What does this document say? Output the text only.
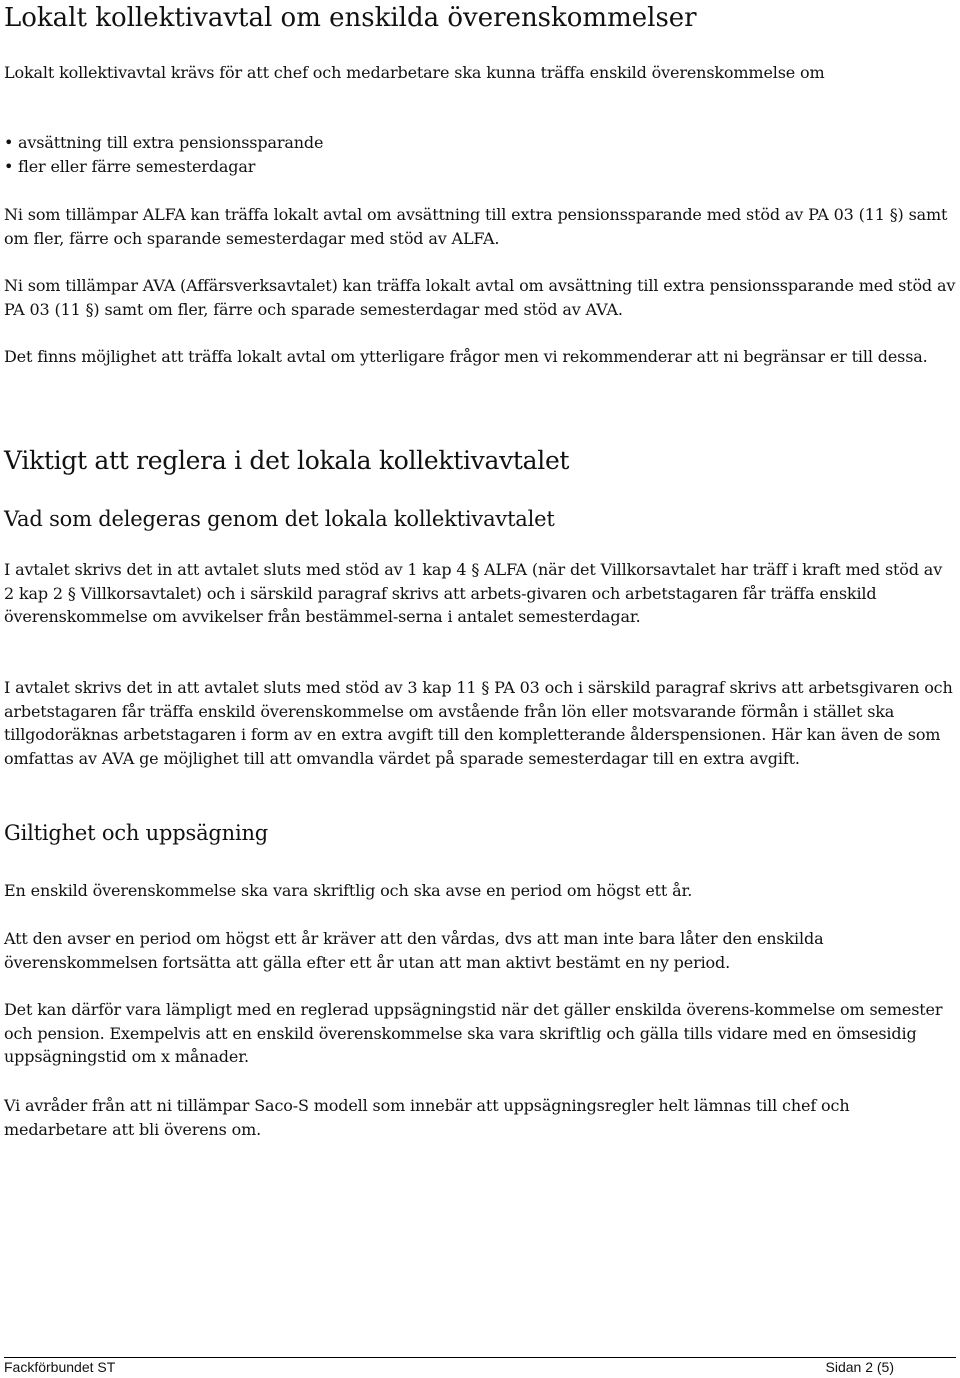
Lokalt kollektivavtal om enskilda överenskommelser

Lokalt kollektivavtal krävs för att chef och medarbetare ska kunna träffa enskild överenskommelse om

• avsättning till extra pensionssparande
• fler eller färre semesterdagar

Ni som tillämpar ALFA kan träffa lokalt avtal om avsättning till extra pensionssparande med stöd av PA 03 (11 §) samt om fler, färre och sparande semesterdagar med stöd av ALFA.

Ni som tillämpar AVA (Affärsverksavtalet) kan träffa lokalt avtal om avsättning till extra pensionssparande med stöd av PA 03 (11 §) samt om fler, färre och sparade semesterdagar med stöd av AVA.

Det finns möjlighet att träffa lokalt avtal om ytterligare frågor men vi rekommenderar att ni begränsar er till dessa.

Viktigt att reglera i det lokala kollektivavtalet
Vad som delegeras genom det lokala kollektivavtalet

I avtalet skrivs det in att avtalet sluts med stöd av 1 kap 4 § ALFA (när det Villkorsavtalet har träff i kraft med stöd av 2 kap 2 § Villkorsavtalet) och i särskild paragraf skrivs att arbets-givaren och arbetstagaren får träffa enskild överenskommelse om avvikelser från bestämmel-serna i antalet semesterdagar.

I avtalet skrivs det in att avtalet sluts med stöd av 3 kap 11 § PA 03 och i särskild paragraf skrivs att arbetsgivaren och arbetstagaren får träffa enskild överenskommelse om avstående från lön eller motsvarande förmån i stället ska tillgodoräknas arbetstagaren i form av en extra avgift till den kompletterande ålderspensionen. Här kan även de som omfattas av AVA ge möjlighet till att omvandla värdet på sparade semesterdagar till en extra avgift.

Giltighet och uppsägning

En enskild överenskommelse ska vara skriftlig och ska avse en period om högst ett år.

Att den avser en period om högst ett år kräver att den vårdas, dvs att man inte bara låter den enskilda överenskommelsen fortsätta att gälla efter ett år utan att man aktivt bestämt en ny period.

Det kan därför vara lämpligt med en reglerad uppsägningstid när det gäller enskilda överens-kommelse om semester och pension. Exempelvis att en enskild överenskommelse ska vara skriftlig och gälla tills vidare med en ömsesidig uppsägningstid om x månader.

Vi avråder från att ni tillämpar Saco-S modell som innebär att uppsägningsregler helt lämnas till chef och medarbetare att bli överens om.

Fackförbundet ST	Sidan 2 (5)
